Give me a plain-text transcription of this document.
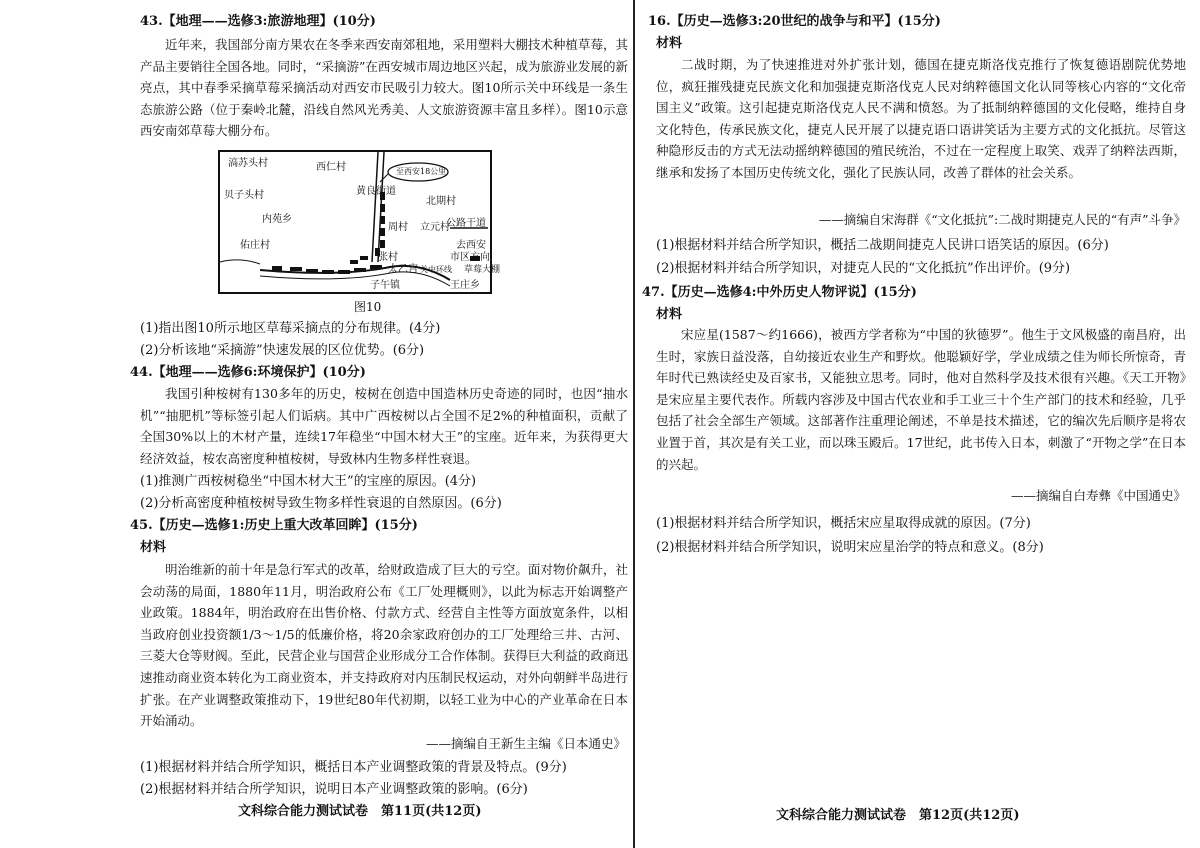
43.【地理——选修3:旅游地理】(10分)
近年来，我国部分南方果农在冬季来西安南郊租地，采用塑料大棚技术种植草莓，其产品主要销往全国各地。同时，“采摘游”在西安城市周边地区兴起，成为旅游业发展的新亮点，其中春季采摘草莓采摘活动对西安市民吸引力较大。图10所示关中环线是一条生态旅游公路（位于秦岭北麓，沿线自然风光秀美、人文旅游资源丰富且多样）。图10示意西安南郊草莓大棚分布。
滈苏头村	西仁村	至西安18公里
黄良街道
北期村
贝子头村
内苑乡
周村 立元村
公路干道
去西安
市区方向
佑庄村
张村
太乙宫 关中环线
子午镇	王庄乡
草莓大棚
图10
(1)指出图10所示地区草莓采摘点的分布规律。(4分)
(2)分析该地“采摘游”快速发展的区位优势。(6分)
44.【地理——选修6:环境保护】(10分)
我国引种桉树有130多年的历史，桉树在创造中国造林历史奇迹的同时，也因“抽水机”“抽肥机”等标签引起人们诟病。其中广西桉树以占全国不足2%的种植面积，贡献了全国30%以上的木材产量，连续17年稳坐“中国木材大王”的宝座。近年来，为获得更大经济效益，桉农高密度种植桉树，导致林内生物多样性衰退。
(1)推测广西桉树稳坐“中国木材大王”的宝座的原因。(4分)
(2)分析高密度种植桉树导致生物多样性衰退的自然原因。(6分)
45.【历史—选修1:历史上重大改革回眸】(15分)
材料
明治维新的前十年是急行军式的改革，给财政造成了巨大的亏空。面对物价飙升，社会动荡的局面，1880年11月，明治政府公布《工厂处理概则》，以此为标志开始调整产业政策。1884年，明治政府在出售价格、付款方式、经营自主性等方面放宽条件，以相当政府创业投资额1/3～1/5的低廉价格，将20余家政府创办的工厂处理给三井、古河、三菱大仓等财阀。至此，民营企业与国营企业形成分工合作体制。获得巨大利益的政商迅速推动商业资本转化为工商业资本，并支持政府对内压制民权运动，对外向朝鲜半岛进行扩张。在产业调整政策推动下，19世纪80年代初期，以轻工业为中心的产业革命在日本开始涌动。
——摘编自王新生主编《日本通史》
(1)根据材料并结合所学知识，概括日本产业调整政策的背景及特点。(9分)
(2)根据材料并结合所学知识，说明日本产业调整政策的影响。(6分)
文科综合能力测试试卷　第11页(共12页)
16.【历史—选修3:20世纪的战争与和平】(15分)
材料
二战时期，为了快速推进对外扩张计划，德国在捷克斯洛伐克推行了恢复德语剧院优势地位，疯狂摧残捷克民族文化和加强捷克斯洛伐克人民对纳粹德国文化认同等核心内容的“文化帝国主义”政策。这引起捷克斯洛伐克人民不满和愤怒。为了抵制纳粹德国的文化侵略，维持自身文化特色，传承民族文化，捷克人民开展了以捷克语口语讲笑话为主要方式的文化抵抗。尽管这种隐形反击的方式无法动摇纳粹德国的殖民统治，不过在一定程度上取笑、戏弄了纳粹法西斯，继承和发扬了本国历史传统文化，强化了民族认同，改善了群体的社会关系。
——摘编自宋海群《“文化抵抗”:二战时期捷克人民的“有声”斗争》
(1)根据材料并结合所学知识，概括二战期间捷克人民讲口语笑话的原因。(6分)
(2)根据材料并结合所学知识，对捷克人民的“文化抵抗”作出评价。(9分)
47.【历史—选修4:中外历史人物评说】(15分)
材料
宋应星(1587～约1666)，被西方学者称为“中国的狄德罗”。他生于文风极盛的南昌府，出生时，家族日益没落，自幼接近农业生产和野炊。他聪颖好学，学业成绩之佳为师长所惊奇，青年时代已熟读经史及百家书，又能独立思考。同时，他对自然科学及技术很有兴趣。《天工开物》是宋应星主要代表作。所载内容涉及中国古代农业和手工业三十个生产部门的技术和经验，几乎包括了社会全部生产领域。这部著作注重理论阐述，不单是技术描述，它的编次先后顺序是将农业置于首，其次是有关工业，而以珠玉殿后。17世纪，此书传入日本，刺激了“开物之学”在日本的兴起。
——摘编自白寿彝《中国通史》
(1)根据材料并结合所学知识，概括宋应星取得成就的原因。(7分)
(2)根据材料并结合所学知识，说明宋应星治学的特点和意义。(8分)
文科综合能力测试试卷　第12页(共12页)
